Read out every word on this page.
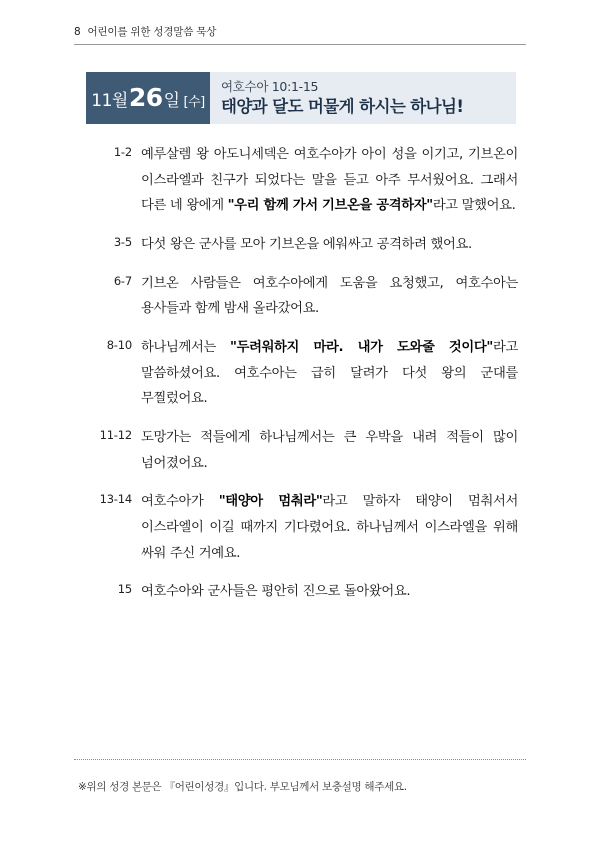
8 어린이를 위한 성경말씀 묵상
11월 26 일 [수]
여호수아 10:1-15
태양과 달도 머물게 하시는 하나님!
1-2 예루살렘 왕 아도니세덱은 여호수아가 아이 성을 이기고, 기브온이 이스라엘과 친구가 되었다는 말을 듣고 아주 무서웠어요. 그래서 다른 네 왕에게 "우리 함께 가서 기브온을 공격하자"라고 말했어요.
3-5 다섯 왕은 군사를 모아 기브온을 에워싸고 공격하려 했어요.
6-7 기브온 사람들은 여호수아에게 도움을 요청했고, 여호수아는 용사들과 함께 밤새 올라갔어요.
8-10 하나님께서는 "두려워하지 마라. 내가 도와줄 것이다"라고 말씀하셨어요. 여호수아는 급히 달려가 다섯 왕의 군대를 무찔렀어요.
11-12 도망가는 적들에게 하나님께서는 큰 우박을 내려 적들이 많이 넘어졌어요.
13-14 여호수아가 "태양아 멈춰라"라고 말하자 태양이 멈춰서서 이스라엘이 이길 때까지 기다렸어요. 하나님께서 이스라엘을 위해 싸워 주신 거예요.
15 여호수아와 군사들은 평안히 진으로 돌아왔어요.
※위의 성경 본문은 『어린이성경』입니다. 부모님께서 보충설명 해주세요.
